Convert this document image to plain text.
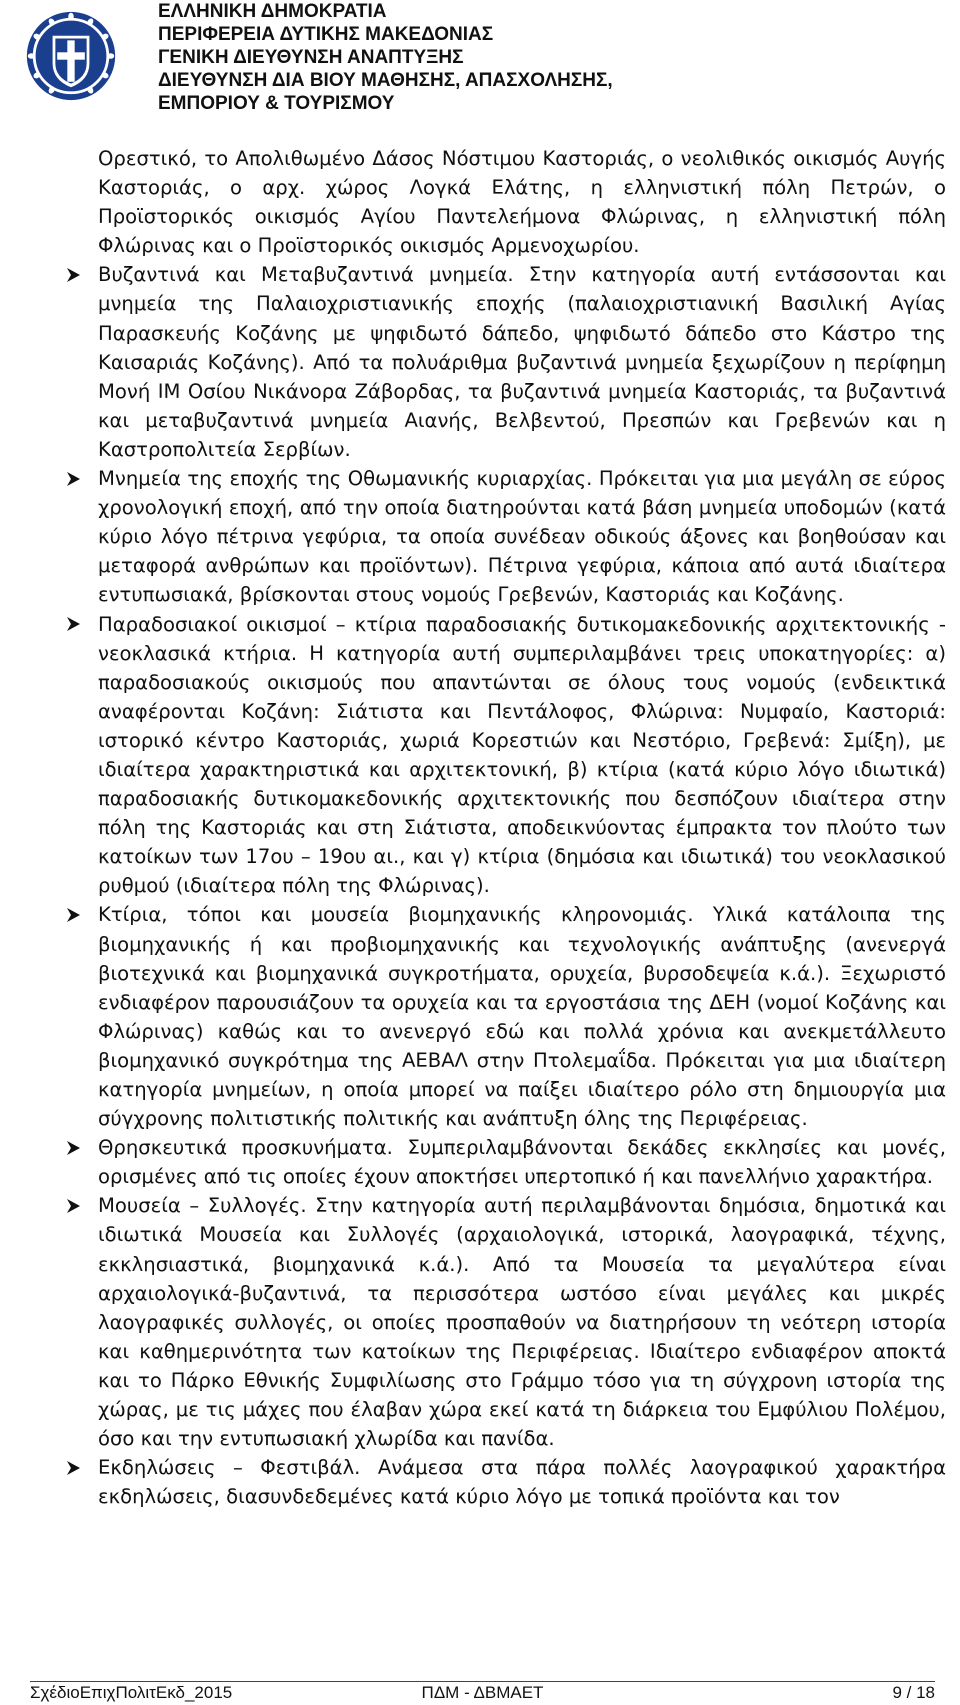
ΕΛΛΗΝΙΚΗ ΔΗΜΟΚΡΑΤΙΑ
ΠΕΡΙΦΕΡΕΙΑ ΔΥΤΙΚΗΣ ΜΑΚΕΔΟΝΙΑΣ
ΓΕΝΙΚΗ ΔΙΕΥΘΥΝΣΗ ΑΝΑΠΤΥΞΗΣ
ΔΙΕΥΘΥΝΣΗ ΔΙΑ ΒΙΟΥ ΜΑΘΗΣΗΣ, ΑΠΑΣΧΟΛΗΣΗΣ,
ΕΜΠΟΡΙΟΥ & ΤΟΥΡΙΣΜΟΥ

Ορεστικό, το Απολιθωμένο Δάσος Νόστιμου Καστοριάς, ο νεολιθικός οικισμός Αυγής Καστοριάς, ο αρχ. χώρος Λογκά Ελάτης, η ελληνιστική πόλη Πετρών, ο Προϊστορικός οικισμός Αγίου Παντελεήμονα Φλώρινας, η ελληνιστική πόλη Φλώρινας και ο Προϊστορικός οικισμός Αρμενοχωρίου.

Βυζαντινά και Μεταβυζαντινά μνημεία. Στην κατηγορία αυτή εντάσσονται και μνημεία της Παλαιοχριστιανικής εποχής (παλαιοχριστιανική Βασιλική Αγίας Παρασκευής Κοζάνης με ψηφιδωτό δάπεδο, ψηφιδωτό δάπεδο στο Κάστρο της Καισαριάς Κοζάνης). Από τα πολυάριθμα βυζαντινά μνημεία ξεχωρίζουν η περίφημη Μονή ΙΜ Οσίου Νικάνορα Ζάβορδας, τα βυζαντινά μνημεία Καστοριάς, τα βυζαντινά και μεταβυζαντινά μνημεία Αιανής, Βελβεντού, Πρεσπών και Γρεβενών και η Καστροπολιτεία Σερβίων.
Μνημεία της εποχής της Οθωμανικής κυριαρχίας. Πρόκειται για μια μεγάλη σε εύρος χρονολογική εποχή, από την οποία διατηρούνται κατά βάση μνημεία υποδομών (κατά κύριο λόγο πέτρινα γεφύρια, τα οποία συνέδεαν οδικούς άξονες και βοηθούσαν και μεταφορά ανθρώπων και προϊόντων). Πέτρινα γεφύρια, κάποια από αυτά ιδιαίτερα εντυπωσιακά, βρίσκονται στους νομούς Γρεβενών, Καστοριάς και Κοζάνης.
Παραδοσιακοί οικισμοί – κτίρια παραδοσιακής δυτικομακεδονικής αρχιτεκτονικής - νεοκλασικά κτήρια. Η κατηγορία αυτή συμπεριλαμβάνει τρεις υποκατηγορίες: α) παραδοσιακούς οικισμούς που απαντώνται σε όλους τους νομούς (ενδεικτικά αναφέρονται Κοζάνη: Σιάτιστα και Πεντάλοφος, Φλώρινα: Νυμφαίο, Καστοριά: ιστορικό κέντρο Καστοριάς, χωριά Κορεστιών και Νεστόριο, Γρεβενά: Σμίξη), με ιδιαίτερα χαρακτηριστικά και αρχιτεκτονική, β) κτίρια (κατά κύριο λόγο ιδιωτικά) παραδοσιακής δυτικομακεδονικής αρχιτεκτονικής που δεσπόζουν ιδιαίτερα στην πόλη της Καστοριάς και στη Σιάτιστα, αποδεικνύοντας έμπρακτα τον πλούτο των κατοίκων των 17ου – 19ου αι., και γ) κτίρια (δημόσια και ιδιωτικά) του νεοκλασικού ρυθμού (ιδιαίτερα πόλη της Φλώρινας).
Κτίρια, τόποι και μουσεία βιομηχανικής κληρονομιάς. Υλικά κατάλοιπα της βιομηχανικής ή και προβιομηχανικής και τεχνολογικής ανάπτυξης (ανενεργά βιοτεχνικά και βιομηχανικά συγκροτήματα, ορυχεία, βυρσοδεψεία κ.ά.). Ξεχωριστό ενδιαφέρον παρουσιάζουν τα ορυχεία και τα εργοστάσια της ΔΕΗ (νομοί Κοζάνης και Φλώρινας) καθώς και το ανενεργό εδώ και πολλά χρόνια και ανεκμετάλλευτο βιομηχανικό συγκρότημα της ΑΕΒΑΛ στην Πτολεμαΐδα. Πρόκειται για μια ιδιαίτερη κατηγορία μνημείων, η οποία μπορεί να παίξει ιδιαίτερο ρόλο στη δημιουργία μια σύγχρονης πολιτιστικής πολιτικής και ανάπτυξη όλης της Περιφέρειας.
Θρησκευτικά προσκυνήματα. Συμπεριλαμβάνονται δεκάδες εκκλησίες και μονές, ορισμένες από τις οποίες έχουν αποκτήσει υπερτοπικό ή και πανελλήνιο χαρακτήρα.
Μουσεία – Συλλογές. Στην κατηγορία αυτή περιλαμβάνονται δημόσια, δημοτικά και ιδιωτικά Μουσεία και Συλλογές (αρχαιολογικά, ιστορικά, λαογραφικά, τέχνης, εκκλησιαστικά, βιομηχανικά κ.ά.). Από τα Μουσεία τα μεγαλύτερα είναι αρχαιολογικά-βυζαντινά, τα περισσότερα ωστόσο είναι μεγάλες και μικρές λαογραφικές συλλογές, οι οποίες προσπαθούν να διατηρήσουν τη νεότερη ιστορία και καθημερινότητα των κατοίκων της Περιφέρειας. Ιδιαίτερο ενδιαφέρον αποκτά και το Πάρκο Εθνικής Συμφιλίωσης στο Γράμμο τόσο για τη σύγχρονη ιστορία της χώρας, με τις μάχες που έλαβαν χώρα εκεί κατά τη διάρκεια του Εμφύλιου Πολέμου, όσο και την εντυπωσιακή χλωρίδα και πανίδα.
Εκδηλώσεις – Φεστιβάλ. Ανάμεσα στα πάρα πολλές λαογραφικού χαρακτήρα εκδηλώσεις, διασυνδεδεμένες κατά κύριο λόγο με τοπικά προϊόντα και τον
ΣχέδιοΕπιχΠολιτΕκδ_2015	ΠΔΜ - ΔΒΜΑΕΤ	9 / 18
